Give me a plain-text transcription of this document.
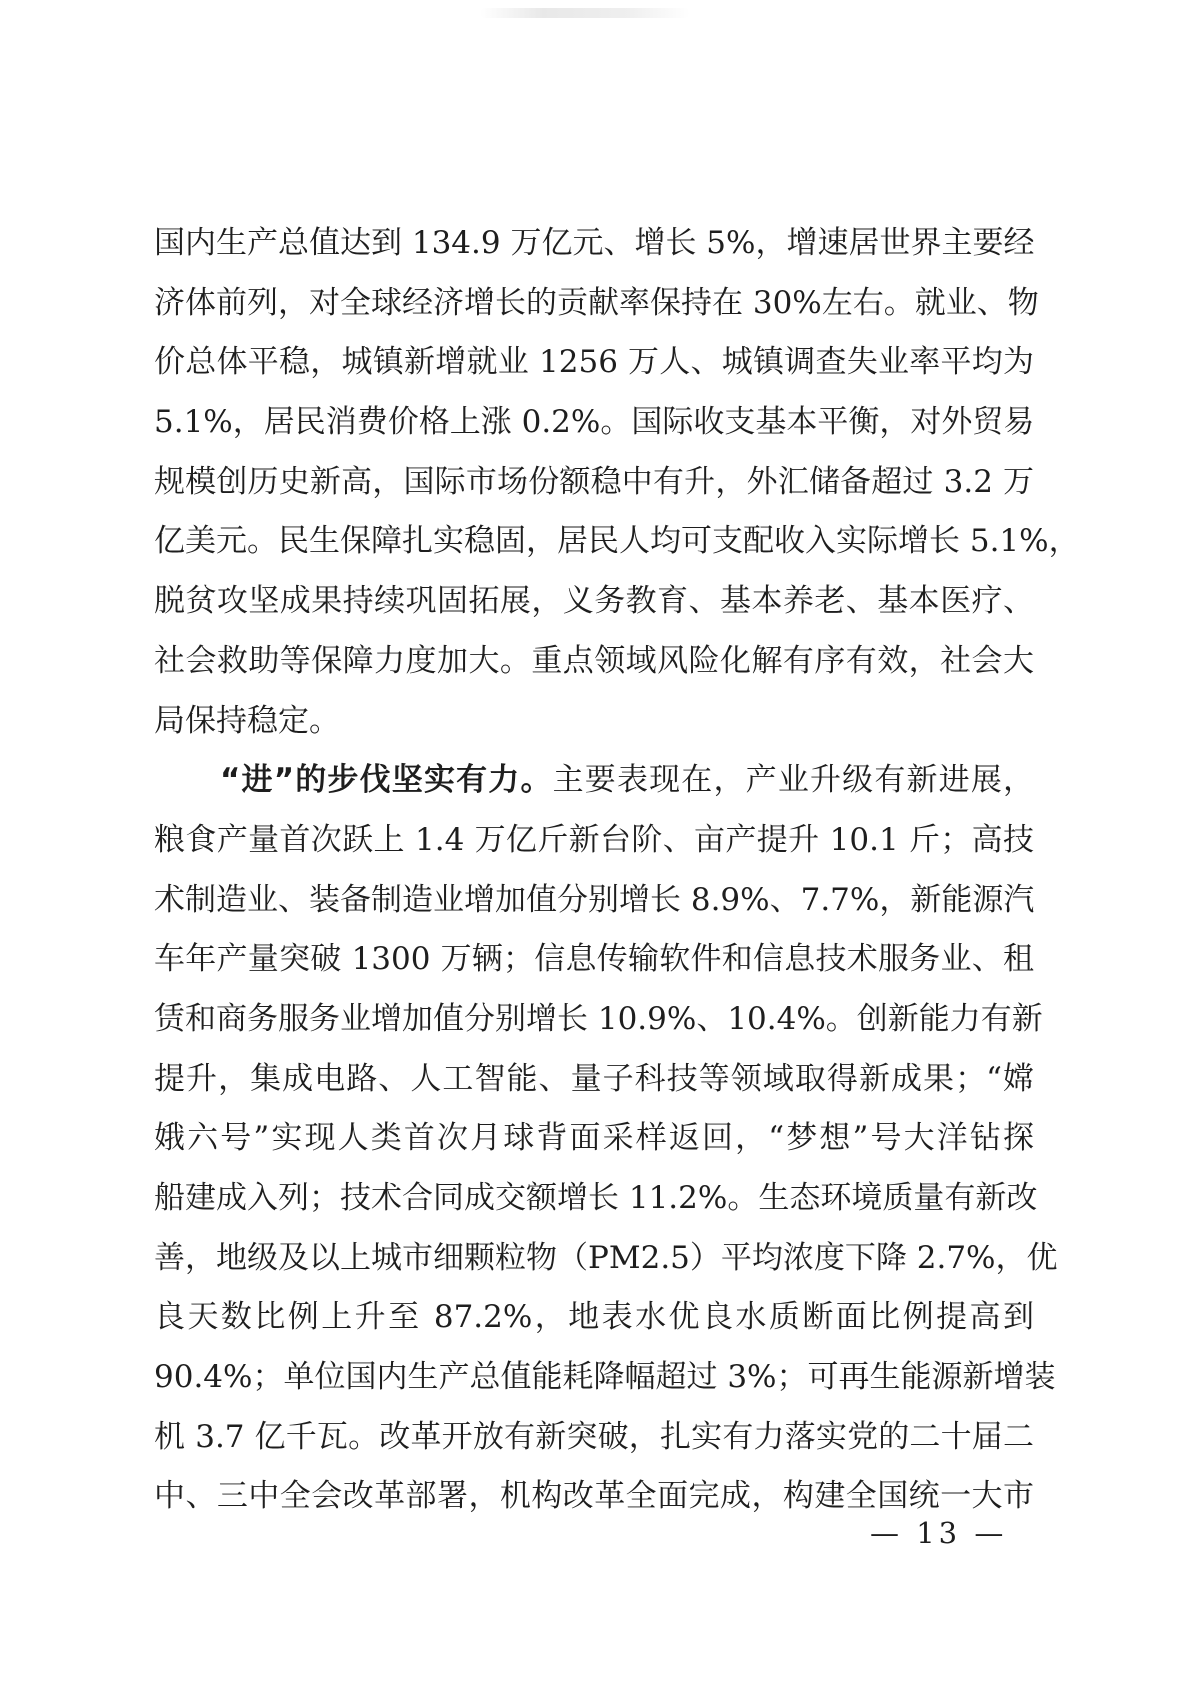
国内生产总值达到 134.9 万亿元、增长 5%，增速居世界主要经
济体前列，对全球经济增长的贡献率保持在 30%左右。就业、物
价总体平稳，城镇新增就业 1256 万人、城镇调查失业率平均为
5.1%，居民消费价格上涨 0.2%。国际收支基本平衡，对外贸易
规模创历史新高，国际市场份额稳中有升，外汇储备超过 3.2 万
亿美元。民生保障扎实稳固，居民人均可支配收入实际增长 5.1%，
脱贫攻坚成果持续巩固拓展，义务教育、基本养老、基本医疗、
社会救助等保障力度加大。重点领域风险化解有序有效，社会大
局保持稳定。
“进”的步伐坚实有力。主要表现在，产业升级有新进展，
粮食产量首次跃上 1.4 万亿斤新台阶、亩产提升 10.1 斤；高技
术制造业、装备制造业增加值分别增长 8.9%、7.7%，新能源汽
车年产量突破 1300 万辆；信息传输软件和信息技术服务业、租
赁和商务服务业增加值分别增长 10.9%、10.4%。创新能力有新
提升，集成电路、人工智能、量子科技等领域取得新成果；“嫦
娥六号”实现人类首次月球背面采样返回，“梦想”号大洋钻探
船建成入列；技术合同成交额增长 11.2%。生态环境质量有新改
善，地级及以上城市细颗粒物（PM2.5）平均浓度下降 2.7%，优
良天数比例上升至 87.2%，地表水优良水质断面比例提高到
90.4%；单位国内生产总值能耗降幅超过 3%；可再生能源新增装
机 3.7 亿千瓦。改革开放有新突破，扎实有力落实党的二十届二
中、三中全会改革部署，机构改革全面完成，构建全国统一大市
— 13 —
